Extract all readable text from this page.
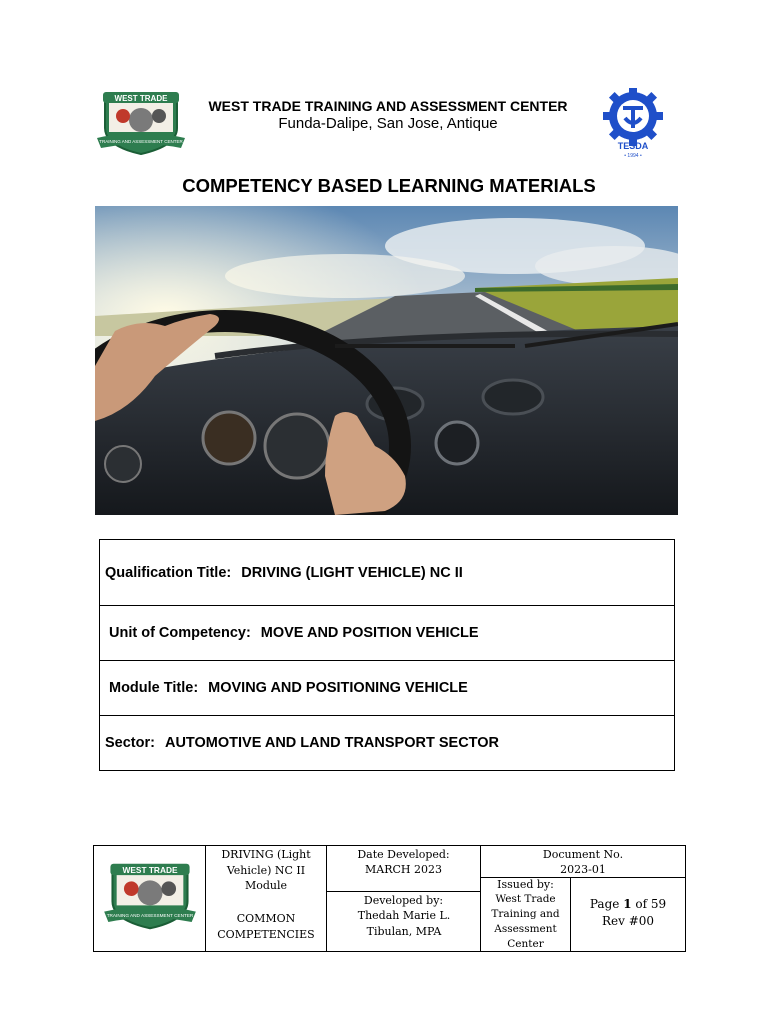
WEST TRADE
TRAINING AND ASSESSMENT CENTER
WEST TRADE TRAINING AND ASSESSMENT CENTER
Funda-Dalipe, San Jose, Antique
TESDA
• 1994 •
COMPETENCY BASED LEARNING MATERIALS
Qualification Title: DRIVING (LIGHT VEHICLE) NC II
Unit of Competency: MOVE AND POSITION VEHICLE
Module Title: MOVING AND POSITIONING VEHICLE
Sector: AUTOMOTIVE AND LAND TRANSPORT SECTOR
WEST TRADE
TRAINING AND ASSESSMENT CENTER
DRIVING (Light Vehicle) NC II Module
COMMON COMPETENCIES
Date Developed:
MARCH 2023
Developed by:
Thedah Marie L. Tibulan, MPA
Document No.
2023-01
Issued by:
West Trade Training and Assessment Center
Page 1 of 59
Rev #00
